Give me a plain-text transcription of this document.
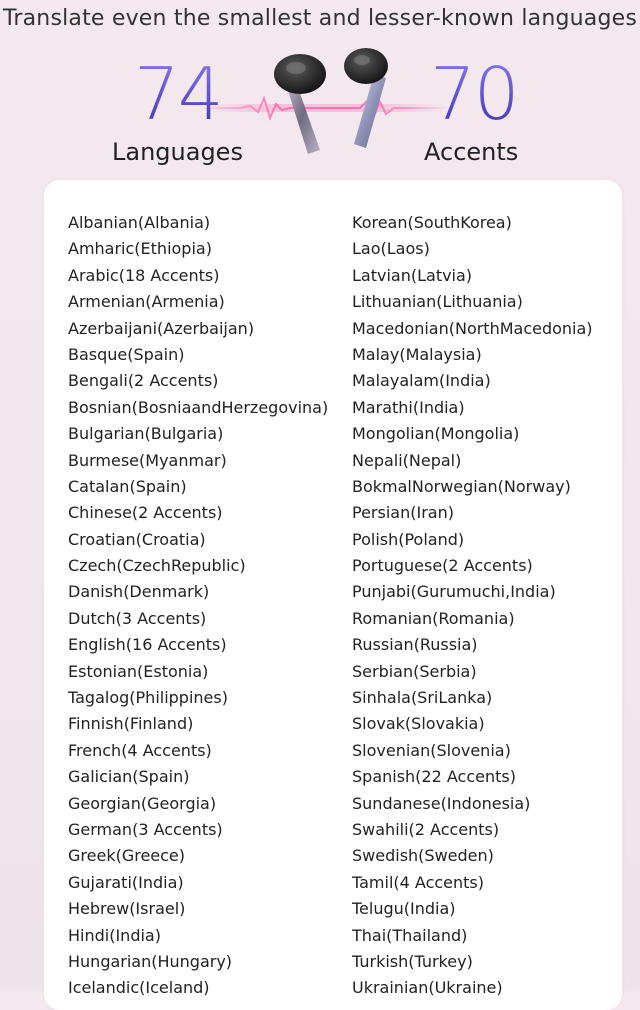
Translate even the smallest and lesser-known languages
74	70
Languages	Accents
Albanian(Albania)
Amharic(Ethiopia)
Arabic(18 Accents)
Armenian(Armenia)
Azerbaijani(Azerbaijan)
Basque(Spain)
Bengali(2 Accents)
Bosnian(BosniaandHerzegovina)
Bulgarian(Bulgaria)
Burmese(Myanmar)
Catalan(Spain)
Chinese(2 Accents)
Croatian(Croatia)
Czech(CzechRepublic)
Danish(Denmark)
Dutch(3 Accents)
English(16 Accents)
Estonian(Estonia)
Tagalog(Philippines)
Finnish(Finland)
French(4 Accents)
Galician(Spain)
Georgian(Georgia)
German(3 Accents)
Greek(Greece)
Gujarati(India)
Hebrew(Israel)
Hindi(India)
Hungarian(Hungary)
Icelandic(Iceland)
Korean(SouthKorea)
Lao(Laos)
Latvian(Latvia)
Lithuanian(Lithuania)
Macedonian(NorthMacedonia)
Malay(Malaysia)
Malayalam(India)
Marathi(India)
Mongolian(Mongolia)
Nepali(Nepal)
BokmalNorwegian(Norway)
Persian(Iran)
Polish(Poland)
Portuguese(2 Accents)
Punjabi(Gurumuchi,India)
Romanian(Romania)
Russian(Russia)
Serbian(Serbia)
Sinhala(SriLanka)
Slovak(Slovakia)
Slovenian(Slovenia)
Spanish(22 Accents)
Sundanese(Indonesia)
Swahili(2 Accents)
Swedish(Sweden)
Tamil(4 Accents)
Telugu(India)
Thai(Thailand)
Turkish(Turkey)
Ukrainian(Ukraine)
